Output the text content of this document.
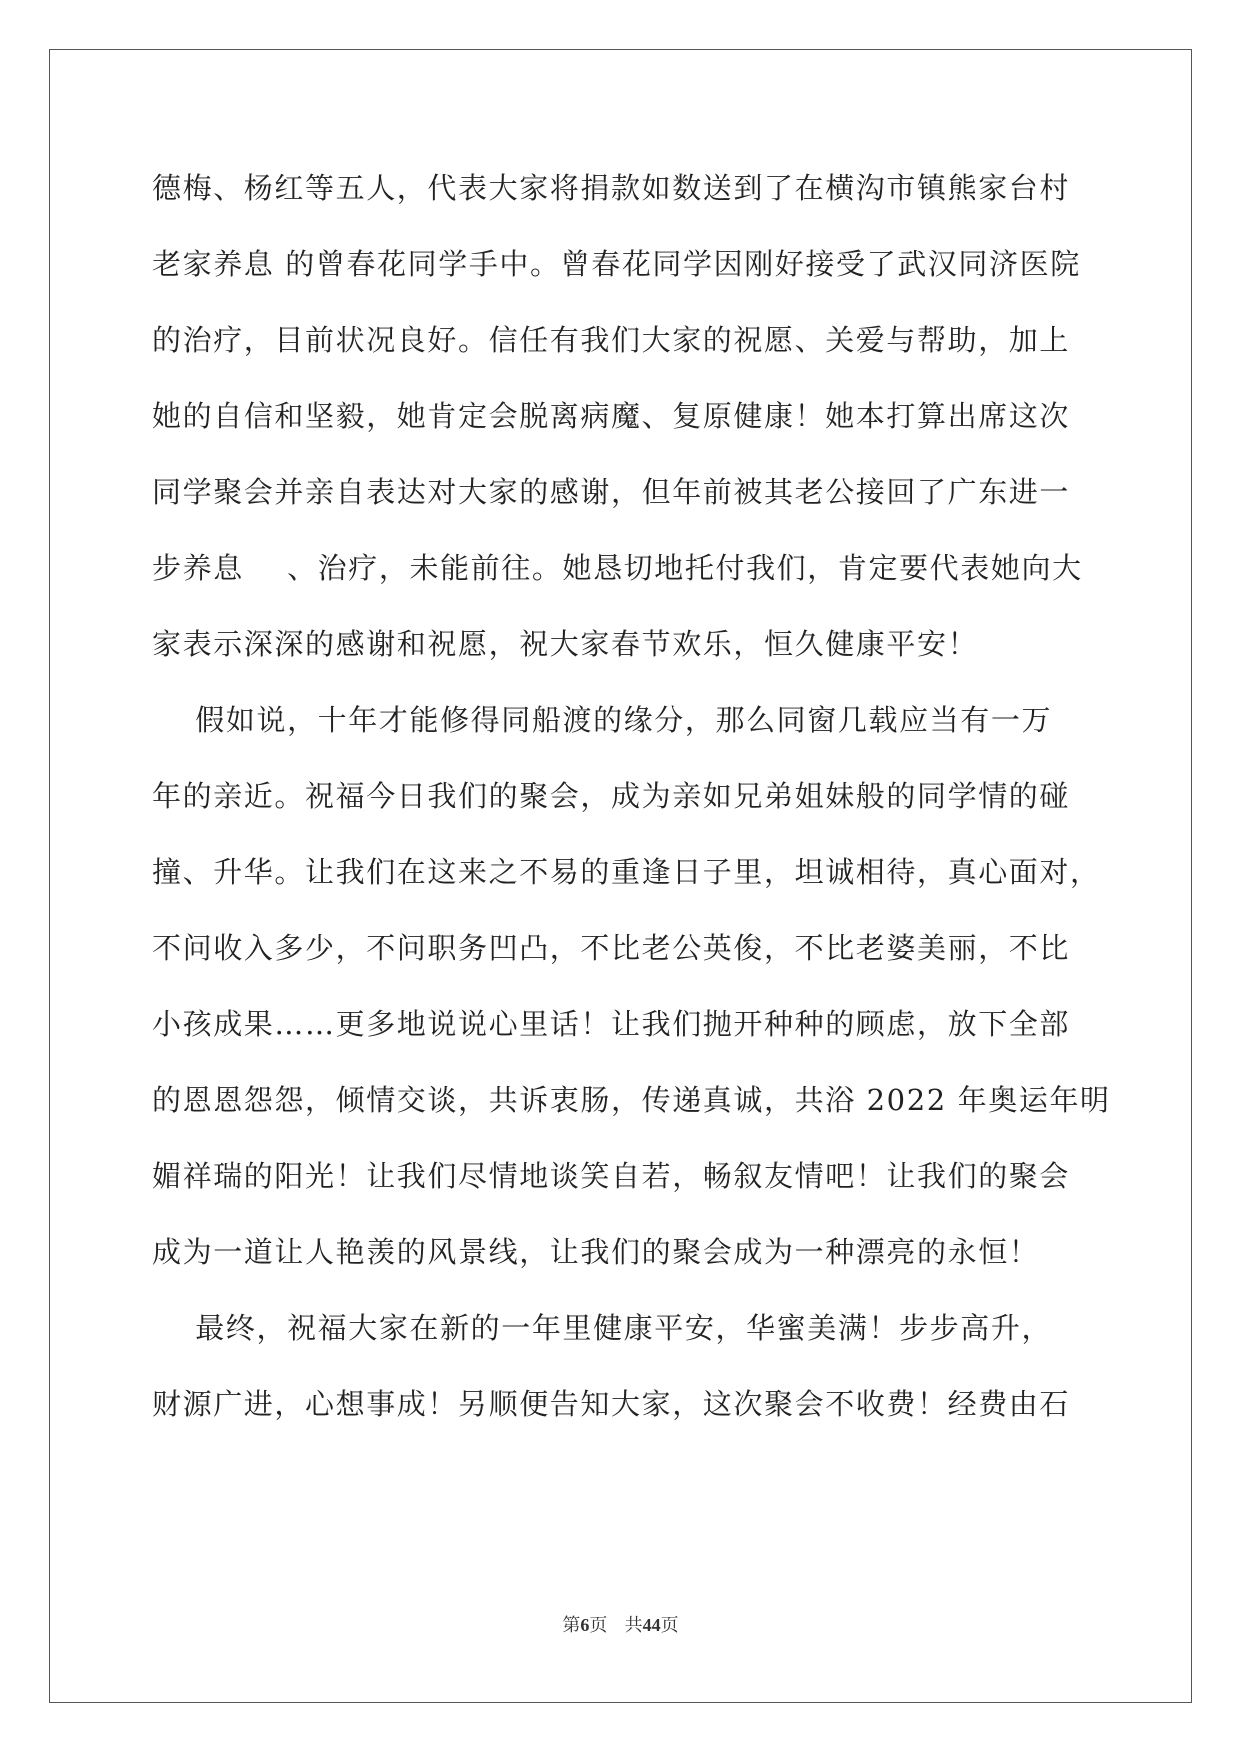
德梅、杨红等五人，代表大家将捐款如数送到了在横沟市镇熊家台村

老家养息 的曾春花同学手中。曾春花同学因刚好接受了武汉同济医院

的治疗，目前状况良好。信任有我们大家的祝愿、关爱与帮助，加上

她的自信和坚毅，她肯定会脱离病魔、复原健康！她本打算出席这次

同学聚会并亲自表达对大家的感谢，但年前被其老公接回了广东进一

步养息    、治疗，未能前往。她恳切地托付我们，肯定要代表她向大

家表示深深的感谢和祝愿，祝大家春节欢乐，恒久健康平安！

假如说，十年才能修得同船渡的缘分，那么同窗几载应当有一万

年的亲近。祝福今日我们的聚会，成为亲如兄弟姐妹般的同学情的碰

撞、升华。让我们在这来之不易的重逢日子里，坦诚相待，真心面对，

不问收入多少，不问职务凹凸，不比老公英俊，不比老婆美丽，不比

小孩成果……更多地说说心里话！让我们抛开种种的顾虑，放下全部

的恩恩怨怨，倾情交谈，共诉衷肠，传递真诚，共浴 2022 年奥运年明

媚祥瑞的阳光！让我们尽情地谈笑自若，畅叙友情吧！让我们的聚会

成为一道让人艳羡的风景线，让我们的聚会成为一种漂亮的永恒！

最终，祝福大家在新的一年里健康平安，华蜜美满！步步高升，

财源广进，心想事成！另顺便告知大家，这次聚会不收费！经费由石

第6页   共44页
